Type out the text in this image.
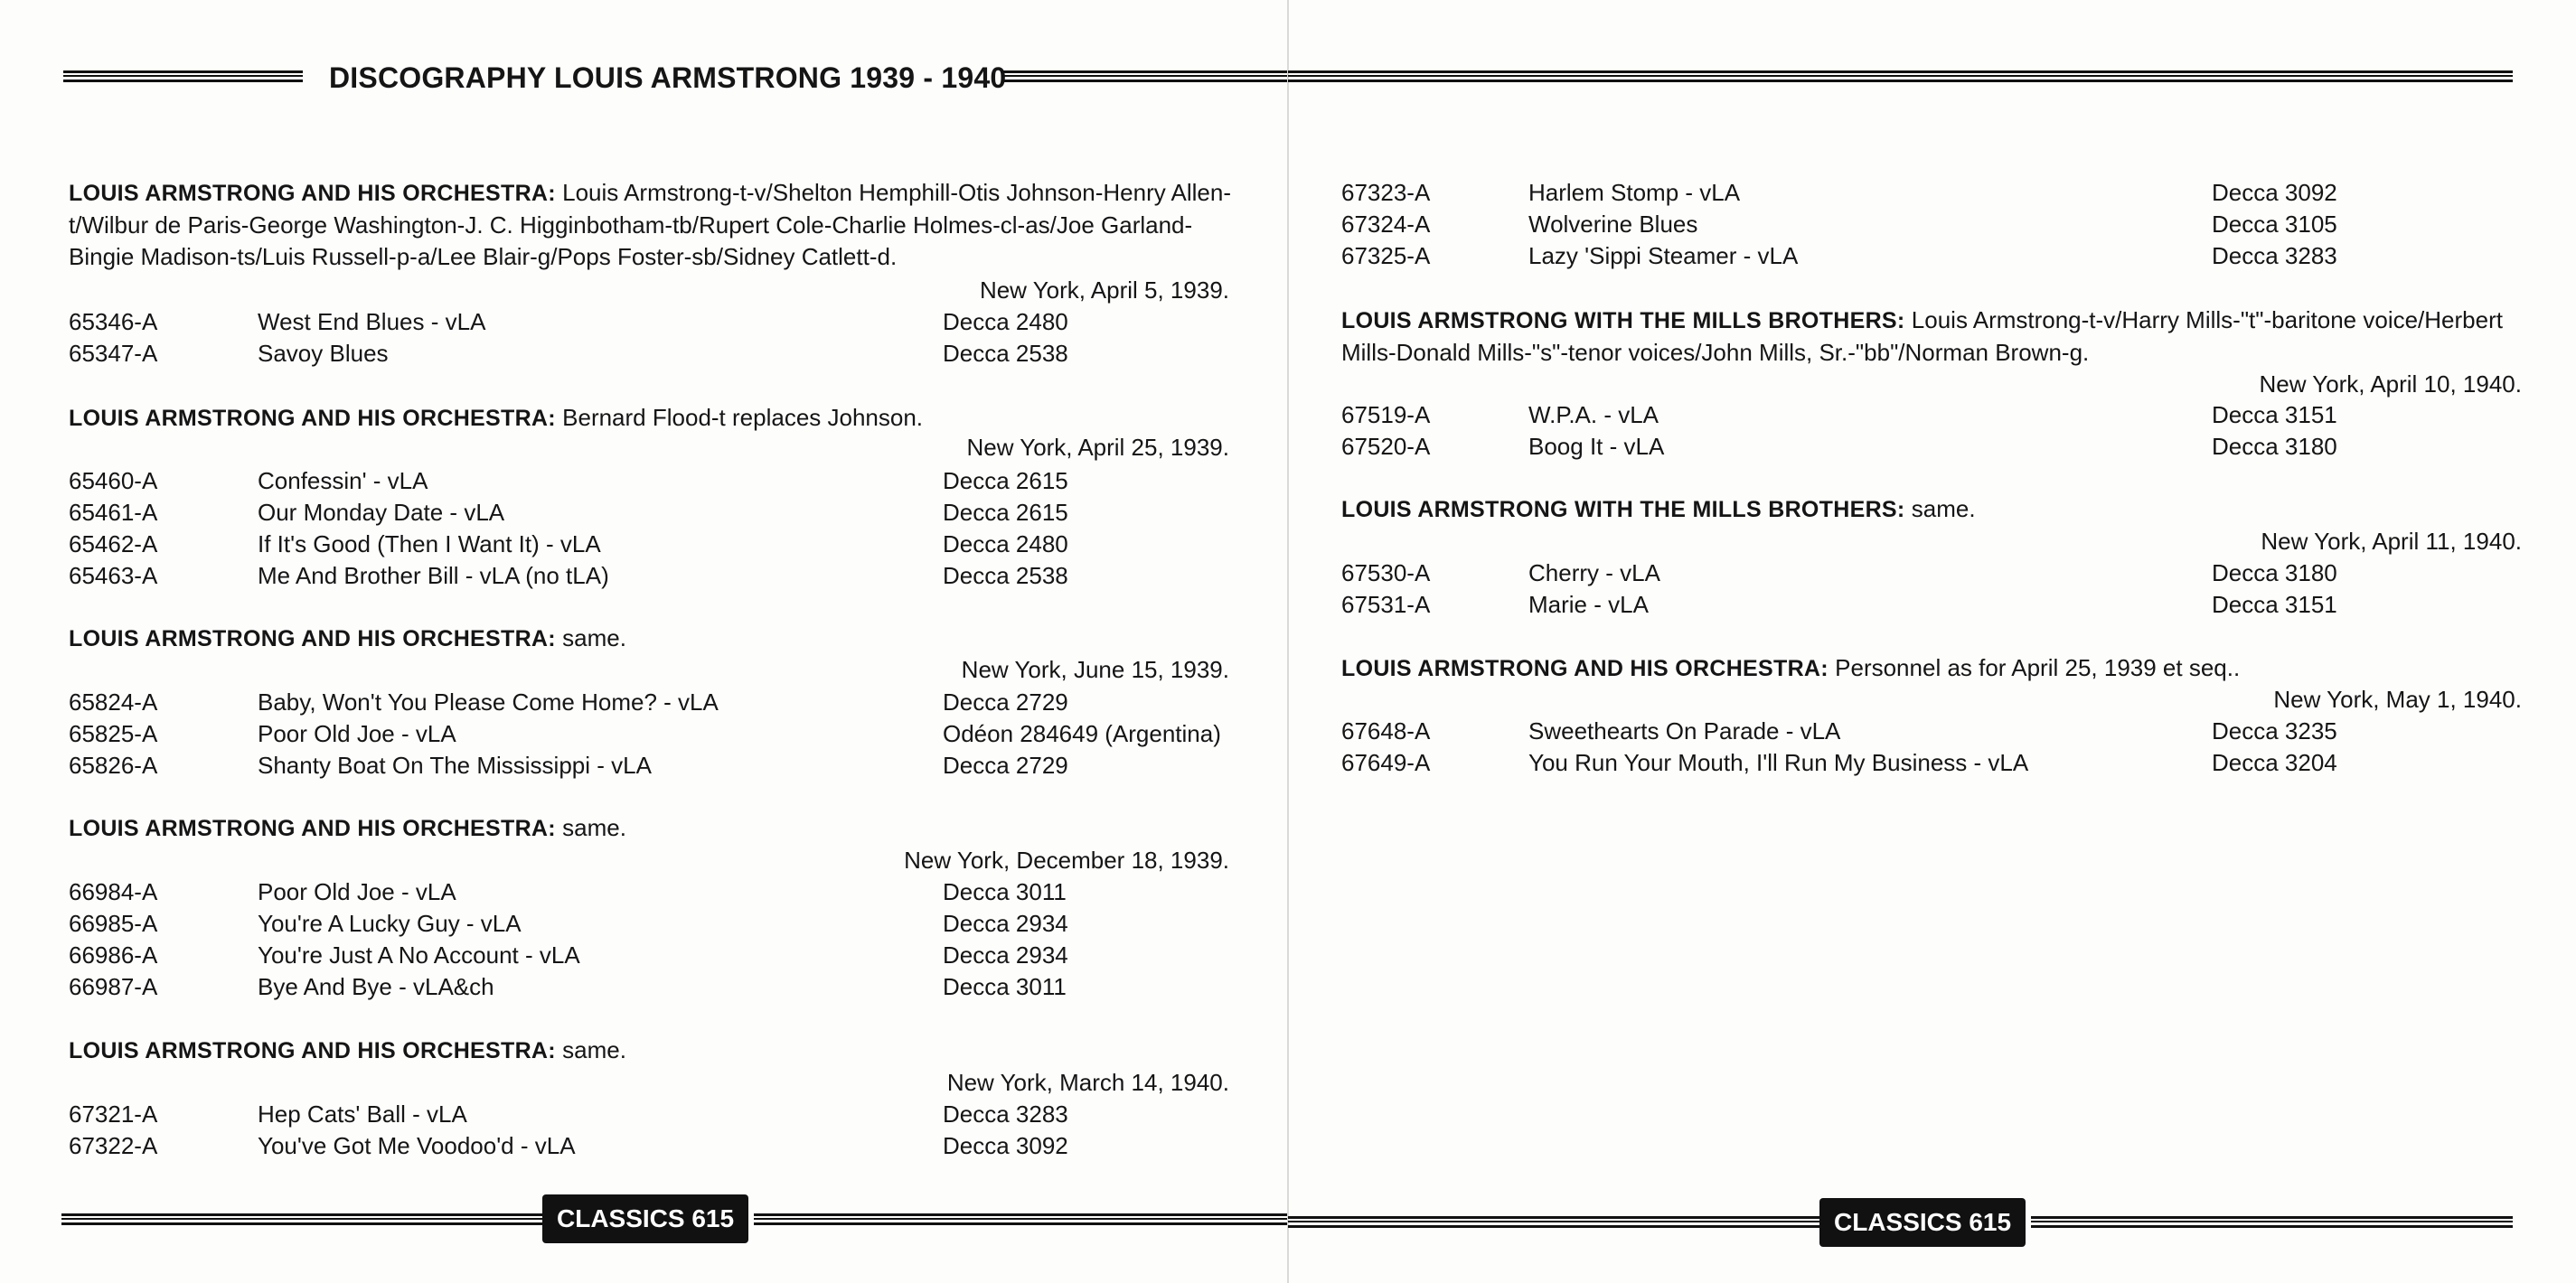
DISCOGRAPHY LOUIS ARMSTRONG 1939 - 1940
LOUIS ARMSTRONG AND HIS ORCHESTRA: Louis Armstrong-t-v/Shelton Hemphill-Otis Johnson-Henry Allen-t/Wilbur de Paris-George Washington-J. C. Higginbotham-tb/Rupert Cole-Charlie Holmes-cl-as/Joe Garland-Bingie Madison-ts/Luis Russell-p-a/Lee Blair-g/Pops Foster-sb/Sidney Catlett-d.
New York, April 5, 1939.
65346-A	West End Blues - vLA	Decca 2480
65347-A	Savoy Blues	Decca 2538
LOUIS ARMSTRONG AND HIS ORCHESTRA: Bernard Flood-t replaces Johnson.
New York, April 25, 1939.
65460-A	Confessin' - vLA	Decca 2615
65461-A	Our Monday Date - vLA	Decca 2615
65462-A	If It's Good (Then I Want It) - vLA	Decca 2480
65463-A	Me And Brother Bill - vLA (no tLA)	Decca 2538
LOUIS ARMSTRONG AND HIS ORCHESTRA: same.
New York, June 15, 1939.
65824-A	Baby, Won't You Please Come Home? - vLA	Decca 2729
65825-A	Poor Old Joe - vLA	Odéon 284649 (Argentina)
65826-A	Shanty Boat On The Mississippi - vLA	Decca 2729
LOUIS ARMSTRONG AND HIS ORCHESTRA: same.
New York, December 18, 1939.
66984-A	Poor Old Joe - vLA	Decca 3011
66985-A	You're A Lucky Guy - vLA	Decca 2934
66986-A	You're Just A No Account - vLA	Decca 2934
66987-A	Bye And Bye - vLA&ch	Decca 3011
LOUIS ARMSTRONG AND HIS ORCHESTRA: same.
New York, March 14, 1940.
67321-A	Hep Cats' Ball - vLA	Decca 3283
67322-A	You've Got Me Voodoo'd - vLA	Decca 3092
CLASSICS 615
67323-A	Harlem Stomp - vLA	Decca 3092
67324-A	Wolverine Blues	Decca 3105
67325-A	Lazy 'Sippi Steamer - vLA	Decca 3283
LOUIS ARMSTRONG WITH THE MILLS BROTHERS: Louis Armstrong-t-v/Harry Mills-"t"-baritone voice/Herbert Mills-Donald Mills-"s"-tenor voices/John Mills, Sr.-"bb"/Norman Brown-g.
New York, April 10, 1940.
67519-A	W.P.A. - vLA	Decca 3151
67520-A	Boog It - vLA	Decca 3180
LOUIS ARMSTRONG WITH THE MILLS BROTHERS: same.
New York, April 11, 1940.
67530-A	Cherry - vLA	Decca 3180
67531-A	Marie - vLA	Decca 3151
LOUIS ARMSTRONG AND HIS ORCHESTRA: Personnel as for April 25, 1939 et seq..
New York, May 1, 1940.
67648-A	Sweethearts On Parade - vLA	Decca 3235
67649-A	You Run Your Mouth, I'll Run My Business - vLA	Decca 3204
CLASSICS 615
